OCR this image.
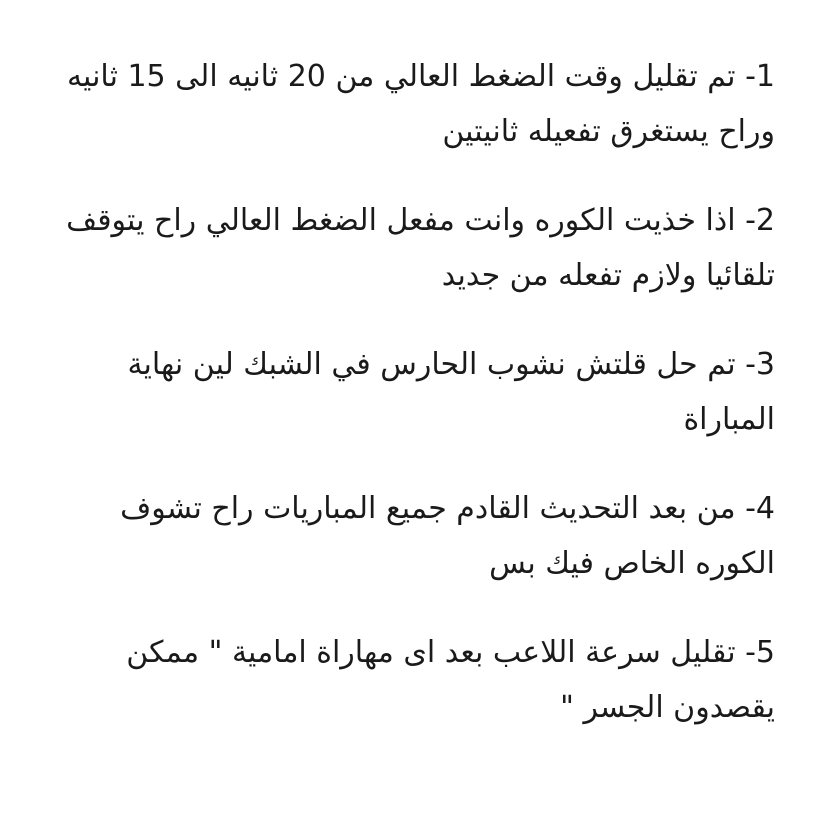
1- تم تقليل وقت الضغط العالي من 20 ثانيه الى 15 ثانيه وراح يستغرق تفعيله ثانيتين

2- اذا خذيت الكوره وانت مفعل الضغط العالي راح يتوقف تلقائيا ولازم تفعله من جديد

3- تم حل قلتش نشوب الحارس في الشبك لين نهاية المباراة

4- من بعد التحديث القادم جميع المباريات راح تشوف الكوره الخاص فيك بس

5- تقليل سرعة اللاعب بعد اى مهاراة امامية " ممكن يقصدون الجسر "
